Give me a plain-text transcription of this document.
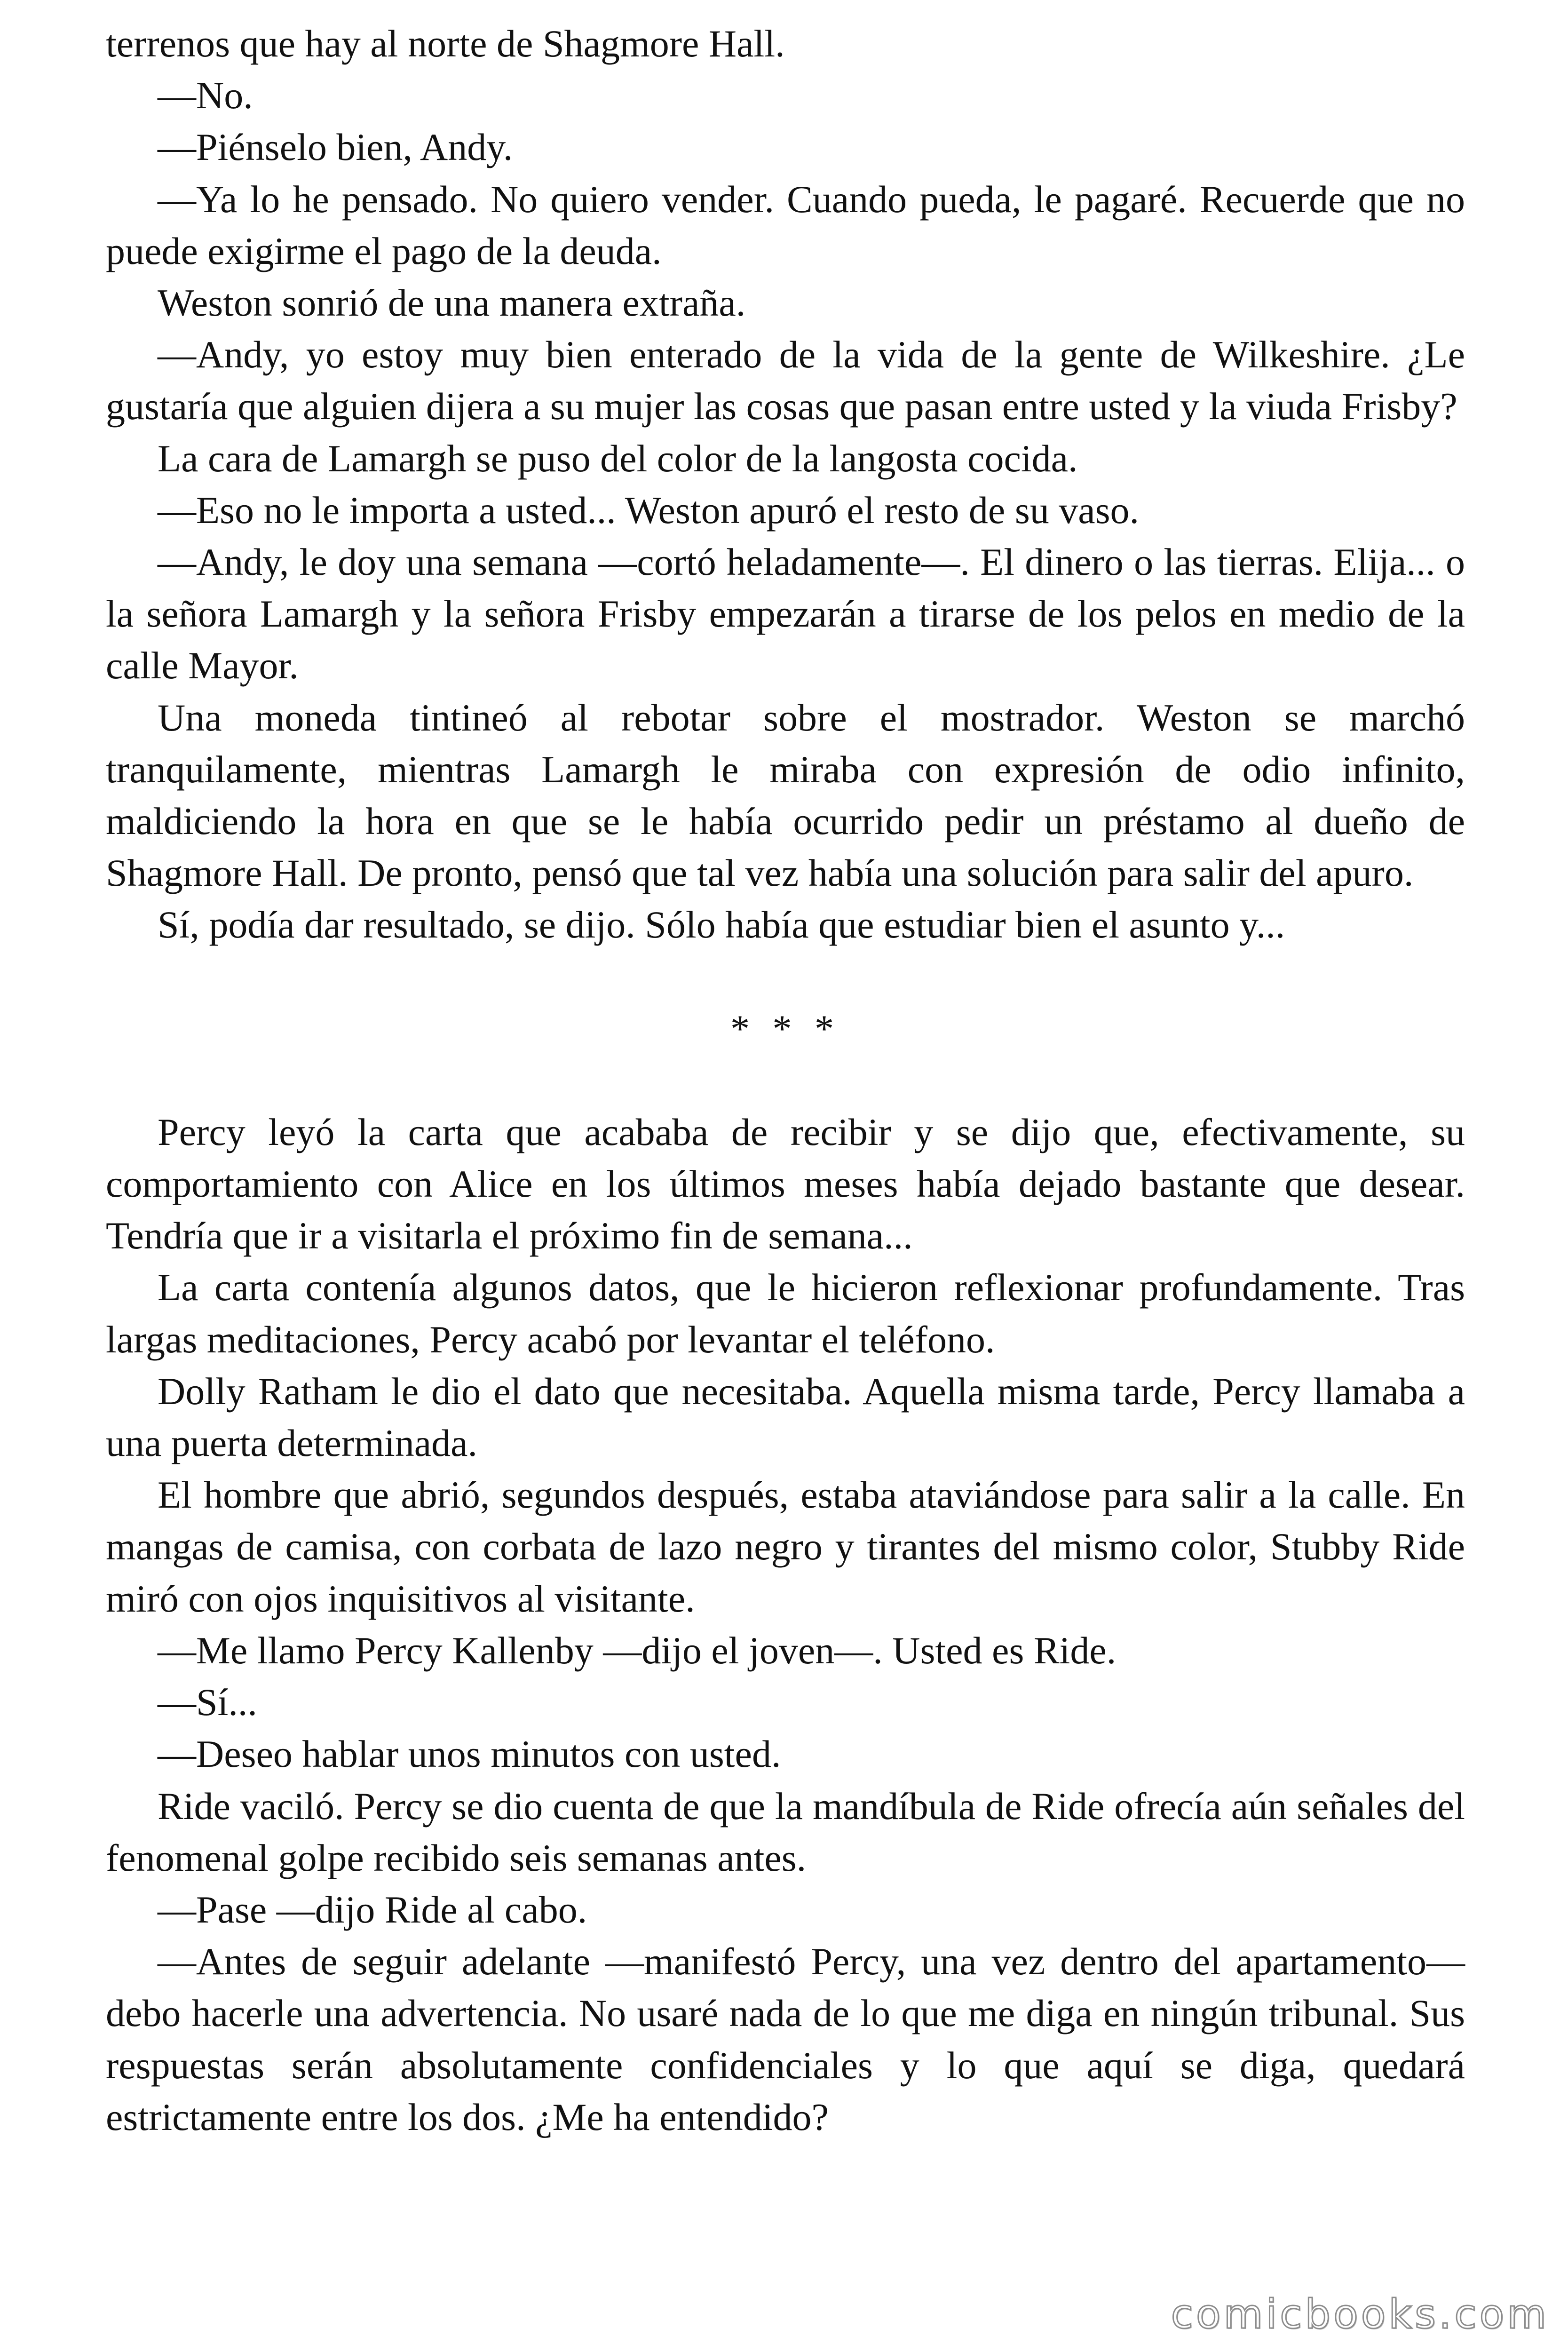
terrenos que hay al norte de Shagmore Hall.

—No.

—Piénselo bien, Andy.

—Ya lo he pensado. No quiero vender. Cuando pueda, le pagaré. Recuerde que no puede exigirme el pago de la deuda.

Weston sonrió de una manera extraña.

—Andy, yo estoy muy bien enterado de la vida de la gente de Wilkeshire. ¿Le gustaría que alguien dijera a su mujer las cosas que pasan entre usted y la viuda Frisby?

La cara de Lamargh se puso del color de la langosta cocida.

—Eso no le importa a usted... Weston apuró el resto de su vaso.

—Andy, le doy una semana —cortó heladamente—. El dinero o las tierras. Elija... o la señora Lamargh y la señora Frisby empezarán a tirarse de los pelos en medio de la calle Mayor.

Una moneda tintineó al rebotar sobre el mostrador. Weston se marchó tranquilamente, mientras Lamargh le miraba con expresión de odio infinito, maldiciendo la hora en que se le había ocurrido pedir un préstamo al dueño de Shagmore Hall. De pronto, pensó que tal vez había una solución para salir del apuro.

Sí, podía dar resultado, se dijo. Sólo había que estudiar bien el asunto y...

* * *

Percy leyó la carta que acababa de recibir y se dijo que, efectivamente, su comportamiento con Alice en los últimos meses había dejado bastante que desear. Tendría que ir a visitarla el próximo fin de semana...

La carta contenía algunos datos, que le hicieron reflexionar profundamente. Tras largas meditaciones, Percy acabó por levantar el teléfono.

Dolly Ratham le dio el dato que necesitaba. Aquella misma tarde, Percy llamaba a una puerta determinada.

El hombre que abrió, segundos después, estaba ataviándose para salir a la calle. En mangas de camisa, con corbata de lazo negro y tirantes del mismo color, Stubby Ride miró con ojos inquisitivos al visitante.

—Me llamo Percy Kallenby —dijo el joven—. Usted es Ride.

—Sí...

—Deseo hablar unos minutos con usted.

Ride vaciló. Percy se dio cuenta de que la mandíbula de Ride ofrecía aún señales del fenomenal golpe recibido seis semanas antes.

—Pase —dijo Ride al cabo.

—Antes de seguir adelante —manifestó Percy, una vez dentro del apartamento—debo hacerle una advertencia. No usaré nada de lo que me diga en ningún tribunal. Sus respuestas serán absolutamente confidenciales y lo que aquí se diga, quedará estrictamente entre los dos. ¿Me ha entendido?

comicbooks.com
